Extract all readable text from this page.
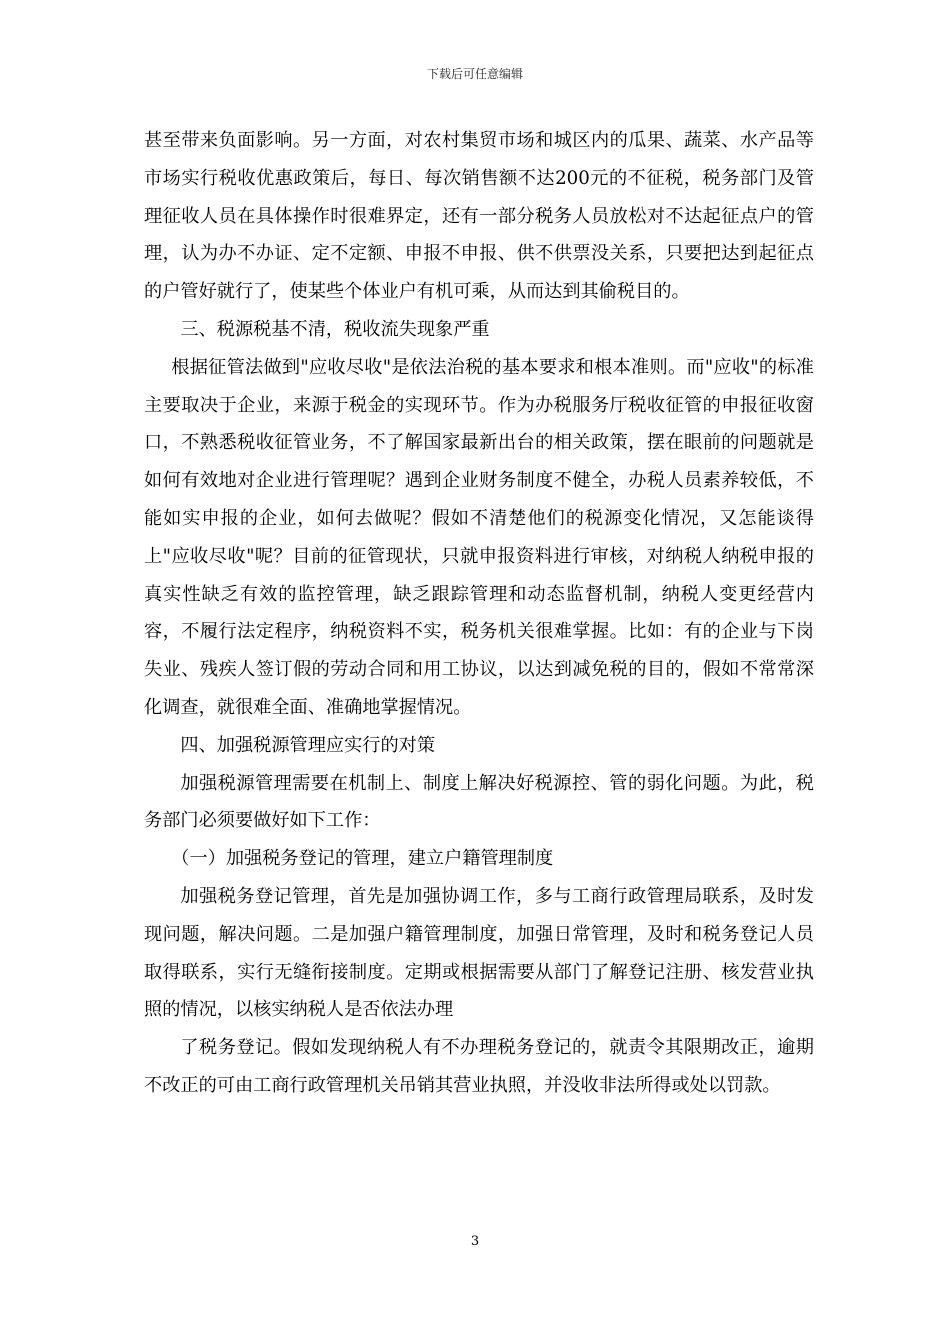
下载后可任意编辑

甚至带来负面影响。另一方面，对农村集贸市场和城区内的瓜果、蔬菜、水产品等市场实行税收优惠政策后，每日、每次销售额不达200元的不征税，税务部门及管理征收人员在具体操作时很难界定，还有一部分税务人员放松对不达起征点户的管理，认为办不办证、定不定额、申报不申报、供不供票没关系，只要把达到起征点的户管好就行了，使某些个体业户有机可乘，从而达到其偷税目的。

三、税源税基不清，税收流失现象严重

根据征管法做到"应收尽收"是依法治税的基本要求和根本准则。而"应收"的标准主要取决于企业，来源于税金的实现环节。作为办税服务厅税收征管的申报征收窗口，不熟悉税收征管业务，不了解国家最新出台的相关政策，摆在眼前的问题就是如何有效地对企业进行管理呢？遇到企业财务制度不健全，办税人员素养较低，不能如实申报的企业，如何去做呢？假如不清楚他们的税源变化情况，又怎能谈得上"应收尽收"呢？目前的征管现状，只就申报资料进行审核，对纳税人纳税申报的真实性缺乏有效的监控管理，缺乏跟踪管理和动态监督机制，纳税人变更经营内容，不履行法定程序，纳税资料不实，税务机关很难掌握。比如：有的企业与下岗失业、残疾人签订假的劳动合同和用工协议，以达到减免税的目的，假如不常常深化调查，就很难全面、准确地掌握情况。

四、加强税源管理应实行的对策

加强税源管理需要在机制上、制度上解决好税源控、管的弱化问题。为此，税务部门必须要做好如下工作：

（一）加强税务登记的管理，建立户籍管理制度

加强税务登记管理，首先是加强协调工作，多与工商行政管理局联系，及时发现问题，解决问题。二是加强户籍管理制度，加强日常管理，及时和税务登记人员取得联系，实行无缝衔接制度。定期或根据需要从部门了解登记注册、核发营业执照的情况，以核实纳税人是否依法办理

了税务登记。假如发现纳税人有不办理税务登记的，就责令其限期改正，逾期不改正的可由工商行政管理机关吊销其营业执照，并没收非法所得或处以罚款。

3
